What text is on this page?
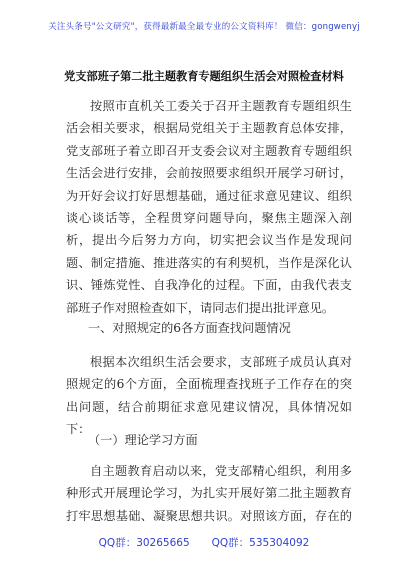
关注头条号"公文研究"，获得最新最全最专业的公文资料库！ 微信：gongwenyj
党支部班子第二批主题教育专题组织生活会对照检查材料
按照市直机关工委关于召开主题教育专题组织生活会相关要求，根据局党组关于主题教育总体安排，党支部班子着立即召开支委会议对主题教育专题组织生活会进行安排，会前按照要求组织开展学习研讨，为开好会议打好思想基础，通过征求意见建议、组织谈心谈话等，全程贯穿问题导向，聚焦主题深入剖析，提出今后努力方向，切实把会议当作是发现问题、制定措施、推进落实的有利契机，当作是深化认识、锤炼党性、自我净化的过程。下面，由我代表支部班子作对照检查如下，请同志们提出批评意见。
一、对照规定的6各方面查找问题情况
根据本次组织生活会要求，支部班子成员认真对照规定的6个方面，全面梳理查找班子工作存在的突出问题，结合前期征求意见建议情况，具体情况如下：
（一）理论学习方面
自主题教育启动以来，党支部精心组织，利用多种形式开展理论学习，为扎实开展好第二批主题教育打牢思想基础、凝聚思想共识。对照该方面，存在的
QQ群：30265665 QQ群：535304092
